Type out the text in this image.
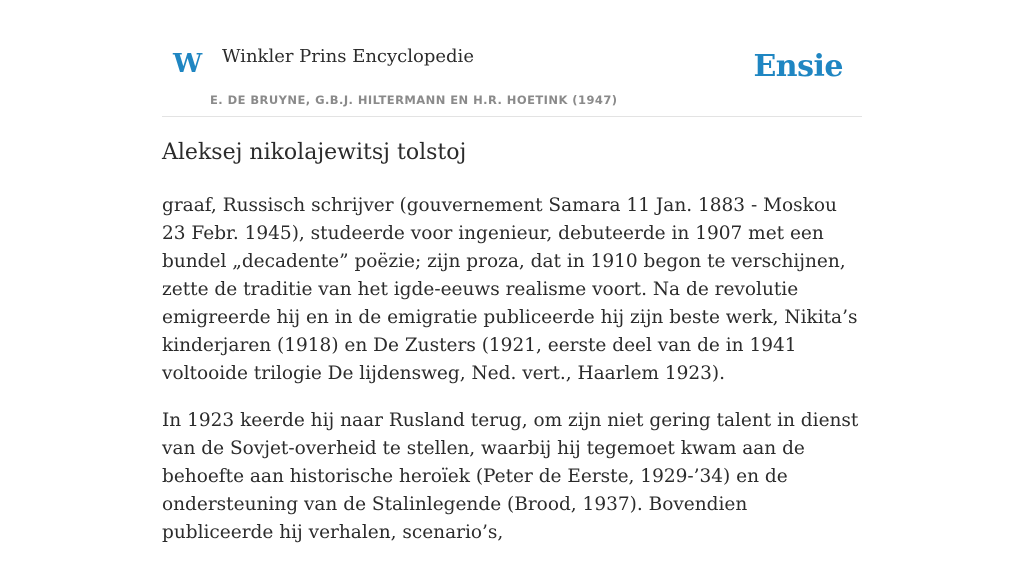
W Winkler Prins Encyclopedie
E. DE BRUYNE, G.B.J. HILTERMANN EN H.R. HOETINK (1947)
Ensie
Aleksej nikolajewitsj tolstoj

graaf, Russisch schrijver (gouvernement Samara 11 Jan. 1883 - Moskou 23 Febr. 1945), studeerde voor ingenieur, debuteerde in 1907 met een bundel „decadente” poëzie; zijn proza, dat in 1910 begon te verschijnen, zette de traditie van het igde-eeuws realisme voort. Na de revolutie emigreerde hij en in de emigratie publiceerde hij zijn beste werk, Nikita’s kinderjaren (1918) en De Zusters (1921, eerste deel van de in 1941 voltooide trilogie De lijdensweg, Ned. vert., Haarlem 1923).

In 1923 keerde hij naar Rusland terug, om zijn niet gering talent in dienst van de Sovjet-overheid te stellen, waarbij hij tegemoet kwam aan de behoefte aan historische heroïek (Peter de Eerste, 1929-’34) en de ondersteuning van de Stalinlegende (Brood, 1937). Bovendien publiceerde hij verhalen, scenario’s,
